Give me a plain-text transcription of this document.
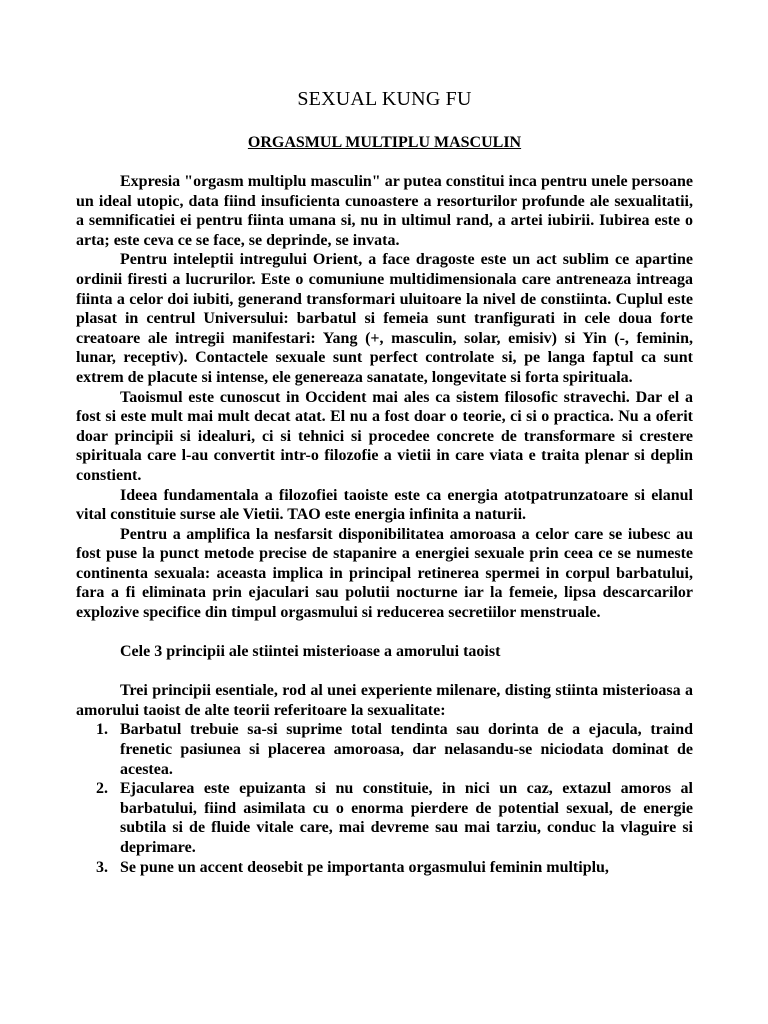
SEXUAL KUNG FU
ORGASMUL MULTIPLU MASCULIN

Expresia "orgasm multiplu masculin" ar putea constitui inca pentru unele persoane un ideal utopic, data fiind insuficienta cunoastere a resorturilor profunde ale sexualitatii, a semnificatiei ei pentru fiinta umana si, nu in ultimul rand, a artei iubirii. Iubirea este o arta; este ceva ce se face, se deprinde, se invata.

Pentru inteleptii intregului Orient, a face dragoste este un act sublim ce apartine ordinii firesti a lucrurilor. Este o comuniune multidimensionala care antreneaza intreaga fiinta a celor doi iubiti, generand transformari uluitoare la nivel de constiinta. Cuplul este plasat in centrul Universului: barbatul si femeia sunt tranfigurati in cele doua forte creatoare ale intregii manifestari: Yang (+, masculin, solar, emisiv) si Yin (-, feminin, lunar, receptiv). Contactele sexuale sunt perfect controlate si, pe langa faptul ca sunt extrem de placute si intense, ele genereaza sanatate, longevitate si forta spirituala.

Taoismul este cunoscut in Occident mai ales ca sistem filosofic stravechi. Dar el a fost si este mult mai mult decat atat. El nu a fost doar o teorie, ci si o practica. Nu a oferit doar principii si idealuri, ci si tehnici si procedee concrete de transformare si crestere spirituala care l-au convertit intr-o filozofie a vietii in care viata e traita plenar si deplin constient.

Ideea fundamentala a filozofiei taoiste este ca energia atotpatrunzatoare si elanul vital constituie surse ale Vietii. TAO este energia infinita a naturii.

Pentru a amplifica la nesfarsit disponibilitatea amoroasa a celor care se iubesc au fost puse la punct metode precise de stapanire a energiei sexuale prin ceea ce se numeste continenta sexuala: aceasta implica in principal retinerea spermei in corpul barbatului, fara a fi eliminata prin ejaculari sau polutii nocturne iar la femeie, lipsa descarcarilor explozive specifice din timpul orgasmului si reducerea secretiilor menstruale.

Cele 3 principii ale stiintei misterioase a amorului taoist

Trei principii esentiale, rod al unei experiente milenare, disting stiinta misterioasa a amorului taoist de alte teorii referitoare la sexualitate:

1. Barbatul trebuie sa-si suprime total tendinta sau dorinta de a ejacula, traind frenetic pasiunea si placerea amoroasa, dar nelasandu-se niciodata dominat de acestea.
2. Ejacularea este epuizanta si nu constituie, in nici un caz, extazul amoros al barbatului, fiind asimilata cu o enorma pierdere de potential sexual, de energie subtila si de fluide vitale care, mai devreme sau mai tarziu, conduc la vlaguire si deprimare.
3. Se pune un accent deosebit pe importanta orgasmului feminin multiplu,
